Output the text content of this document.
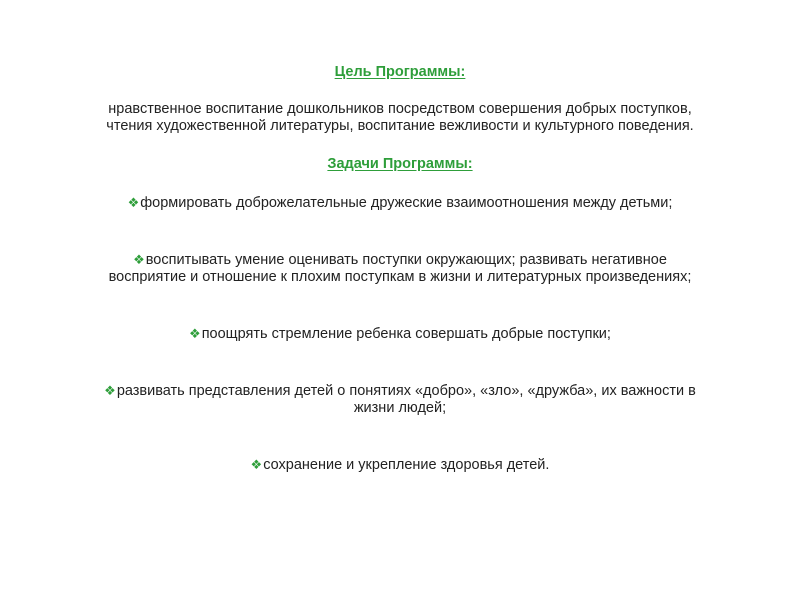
Цель Программы:
нравственное воспитание дошкольников посредством совершения добрых поступков,
чтения художественной литературы, воспитание вежливости и культурного поведения.
Задачи Программы:
❖формировать доброжелательные дружеские взаимоотношения между детьми;
❖воспитывать умение оценивать поступки окружающих; развивать негативное
восприятие и отношение к плохим поступкам в жизни и литературных произведениях;
❖поощрять стремление ребенка совершать добрые поступки;
❖развивать представления детей о понятиях «добро», «зло», «дружба», их важности в
жизни людей;
❖сохранение и укрепление здоровья детей.
